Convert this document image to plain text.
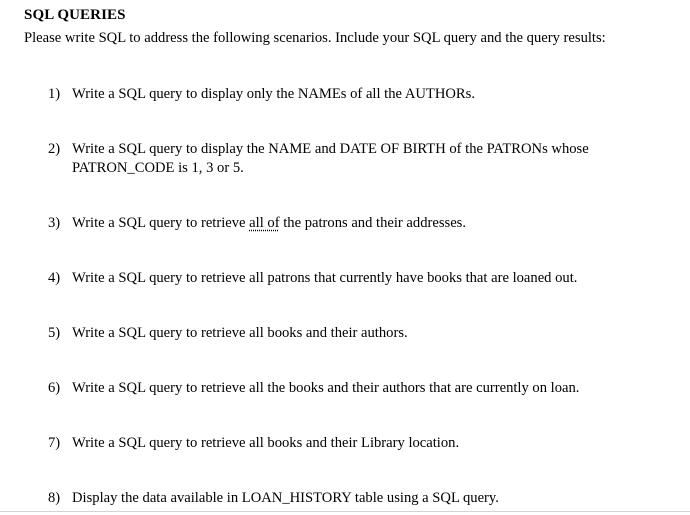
SQL QUERIES
Please write SQL to address the following scenarios. Include your SQL query and the query results:
1) Write a SQL query to display only the NAMEs of all the AUTHORs.
2) Write a SQL query to display the NAME and DATE OF BIRTH of the PATRONs whose PATRON_CODE is 1, 3 or 5.
3) Write a SQL query to retrieve all of the patrons and their addresses.
4) Write a SQL query to retrieve all patrons that currently have books that are loaned out.
5) Write a SQL query to retrieve all books and their authors.
6) Write a SQL query to retrieve all the books and their authors that are currently on loan.
7) Write a SQL query to retrieve all books and their Library location.
8) Display the data available in LOAN_HISTORY table using a SQL query.
